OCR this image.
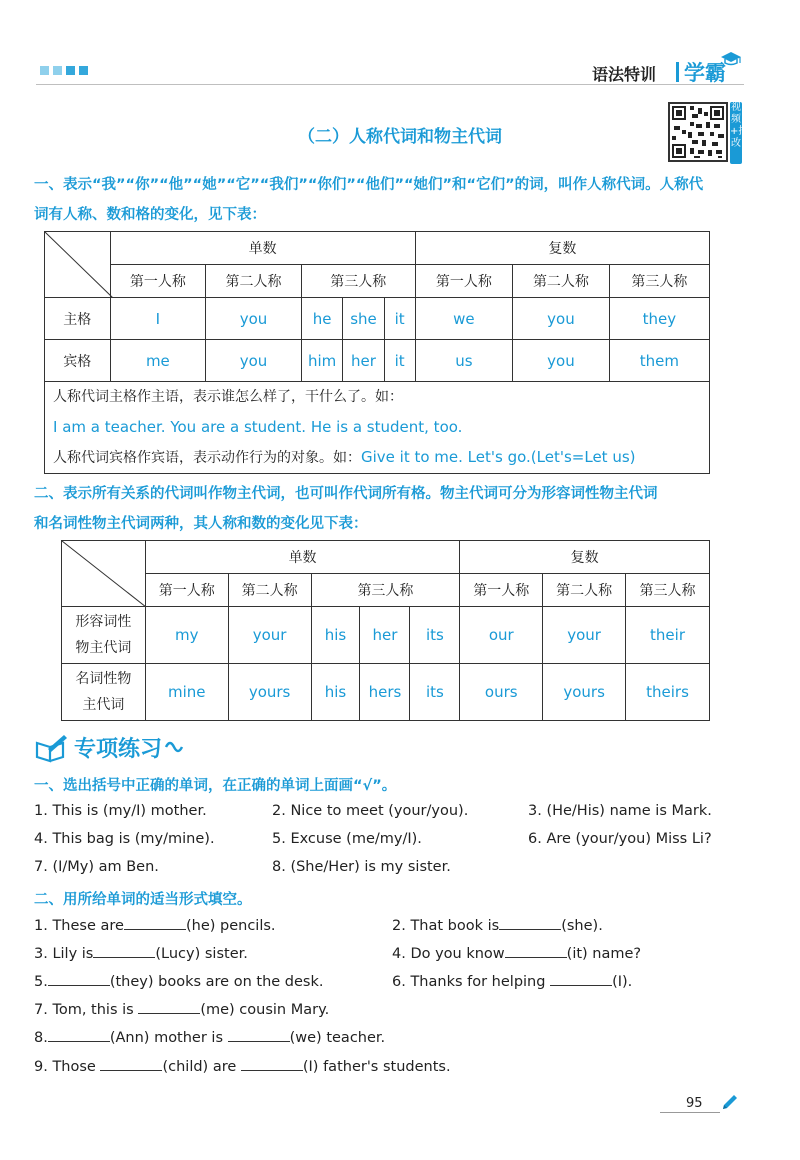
语法特训 学霸
视频+批改
（二）人称代词和物主代词
一、表示“我”“你”“他”“她”“它”“我们”“你们”“他们”“她们”和“它们”的词，叫作人称代词。人称代
词有人称、数和格的变化，见下表：
	单数					复数		
	第一人称	第二人称	第三人称			第一人称	第二人称	第三人称
主格	I	you	he	she	it	we	you	they
宾格	me	you	him	her	it	us	you	them

人称代词主格作主语，表示谁怎么样了，干什么了。如：
I am a teacher. You are a student. He is a student, too.
人称代词宾格作宾语，表示动作行为的对象。如：Give it to me. Let's go.(Let's=Let us)								
二、表示所有关系的代词叫作物主代词，也可叫作代词所有格。物主代词可分为形容词性物主代词
和名词性物主代词两种，其人称和数的变化见下表：
	单数					复数		
	第一人称	第二人称	第三人称			第一人称	第二人称	第三人称

形容词性
物主代词	my	your	his	her	its	our	your	their

名词性物
主代词	mine	yours	his	hers	its	ours	yours	theirs
专项练习
一、选出括号中正确的单词，在正确的单词上面画“√”。
1. This is (my/I) mother.	2. Nice to meet (your/you).	3. (He/His) name is Mark.
4. This bag is (my/mine).	5. Excuse (me/my/I).	6. Are (your/you) Miss Li?
7. (I/My) am Ben.	8. (She/Her) is my sister.
二、用所给单词的适当形式填空。
1. These are	(he) pencils.	2. That book is	(she).
3. Lily is	(Lucy) sister.	4. Do you know	(it) name?
5.	(they) books are on the desk.	6. Thanks for helping	(I).
7. Tom, this is	(me) cousin Mary.
8.	(Ann) mother is	(we) teacher.
9. Those	(child) are	(I) father's students.
95
